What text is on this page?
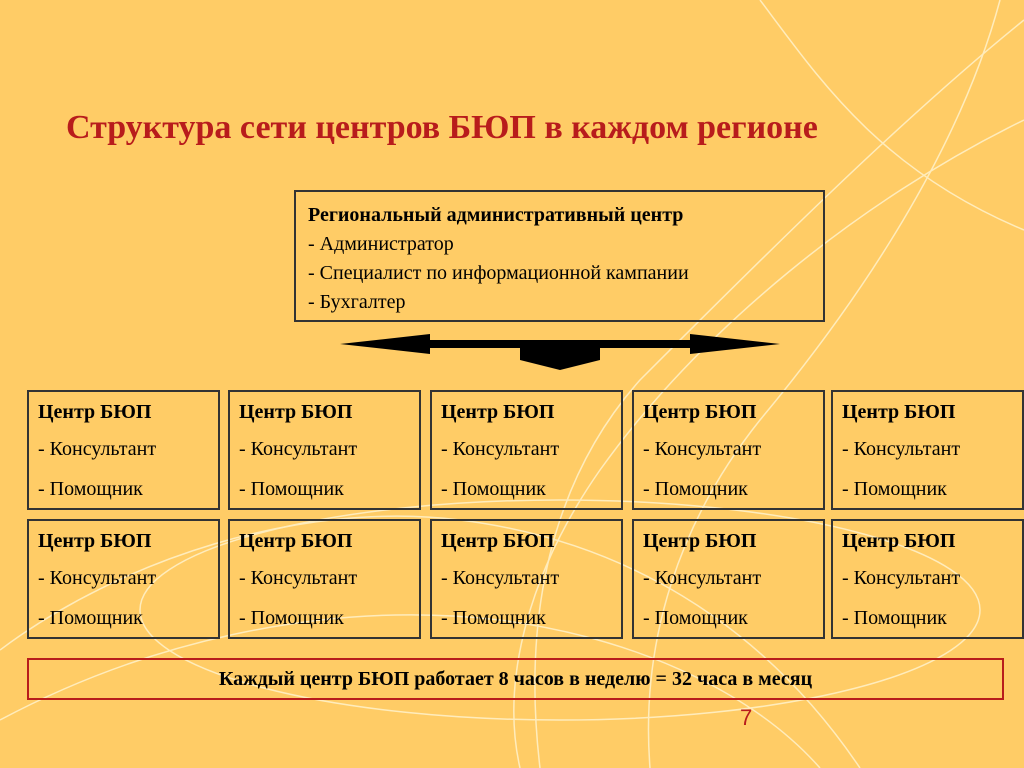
Структура сети центров БЮП в каждом регионе
Региональный административный центр
- Администратор
- Специалист по информационной кампании
- Бухгалтер
Центр БЮП
- Консультант
- Помощник
Центр БЮП
- Консультант
- Помощник
Центр БЮП
- Консультант
- Помощник
Центр БЮП
- Консультант
- Помощник
Центр БЮП
- Консультант
- Помощник
Центр БЮП
- Консультант
- Помощник
Центр БЮП
- Консультант
- Помощник
Центр БЮП
- Консультант
- Помощник
Центр БЮП
- Консультант
- Помощник
Центр БЮП
- Консультант
- Помощник
Каждый центр БЮП работает 8 часов в неделю = 32 часа в месяц
7
